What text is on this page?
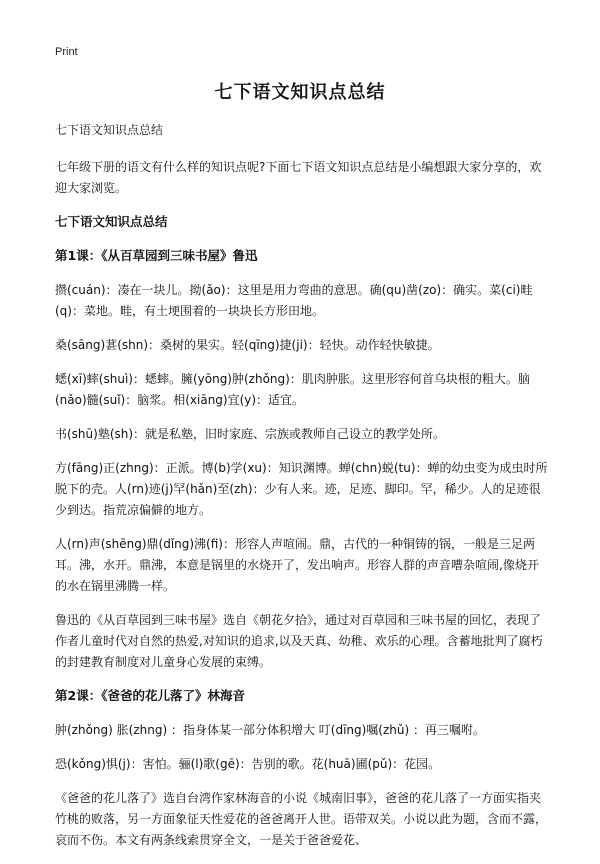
Print
七下语文知识点总结

七下语文知识点总结

七年级下册的语文有什么样的知识点呢?下面七下语文知识点总结是小编想跟大家分享的，欢迎大家浏览。

七下语文知识点总结

第1课：《从百草园到三味书屋》鲁迅

攒(cuán)：凑在一块儿。拗(ǎo)：这里是用力弯曲的意思。确(qu)凿(zo)：确实。菜(ci)畦(q)：菜地。畦，有土埂围着的一块块长方形田地。

桑(sāng)葚(shn)：桑树的果实。轻(qīng)捷(ji)：轻快。动作轻快敏捷。

蟋(xī)蟀(shuì)：蟋蟀。臃(yōng)肿(zhǒng)：肌肉肿胀。这里形容何首乌块根的粗大。脑(nǎo)髓(suǐ)：脑浆。相(xiāng)宜(y)：适宜。

书(shū)塾(sh)：就是私塾，旧时家庭、宗族或教师自己设立的教学处所。

方(fāng)正(zhng)：正派。博(b)学(xu)：知识渊博。蝉(chn)蜕(tu)：蝉的幼虫变为成虫时所脱下的壳。人(rn)迹(j)罕(hǎn)至(zh)：少有人来。迹，足迹、脚印。罕，稀少。人的足迹很少到达。指荒凉偏僻的地方。

人(rn)声(shēng)鼎(dǐng)沸(fi)：形容人声喧闹。鼎，古代的一种铜铸的锅，一般是三足两耳。沸，水开。鼎沸，本意是锅里的水烧开了，发出响声。形容人群的声音嘈杂喧闹,像烧开的水在锅里沸腾一样。

鲁迅的《从百草园到三味书屋》选自《朝花夕拾》，通过对百草园和三味书屋的回忆，表现了作者儿童时代对自然的热爱,对知识的追求,以及天真、幼稚、欢乐的心理。含蓄地批判了腐朽的封建教育制度对儿童身心发展的束缚。

第2课：《爸爸的花儿落了》林海音

肿(zhǒng) 胀(zhng) ：指身体某一部分体积增大 叮(dīng)嘱(zhǔ) ：再三嘱咐。

恐(kǒng)惧(j)：害怕。骊(l)歌(gē)：告别的歌。花(huā)圃(pǔ)：花园。

《爸爸的花儿落了》选自台湾作家林海音的小说《城南旧事》，爸爸的花儿落了一方面实指夹竹桃的败落，另一方面象征天性爱花的爸爸离开人世。语带双关。小说以此为题，含而不露，哀而不伤。本文有两条线索贯穿全文，一是关于爸爸爱花、
